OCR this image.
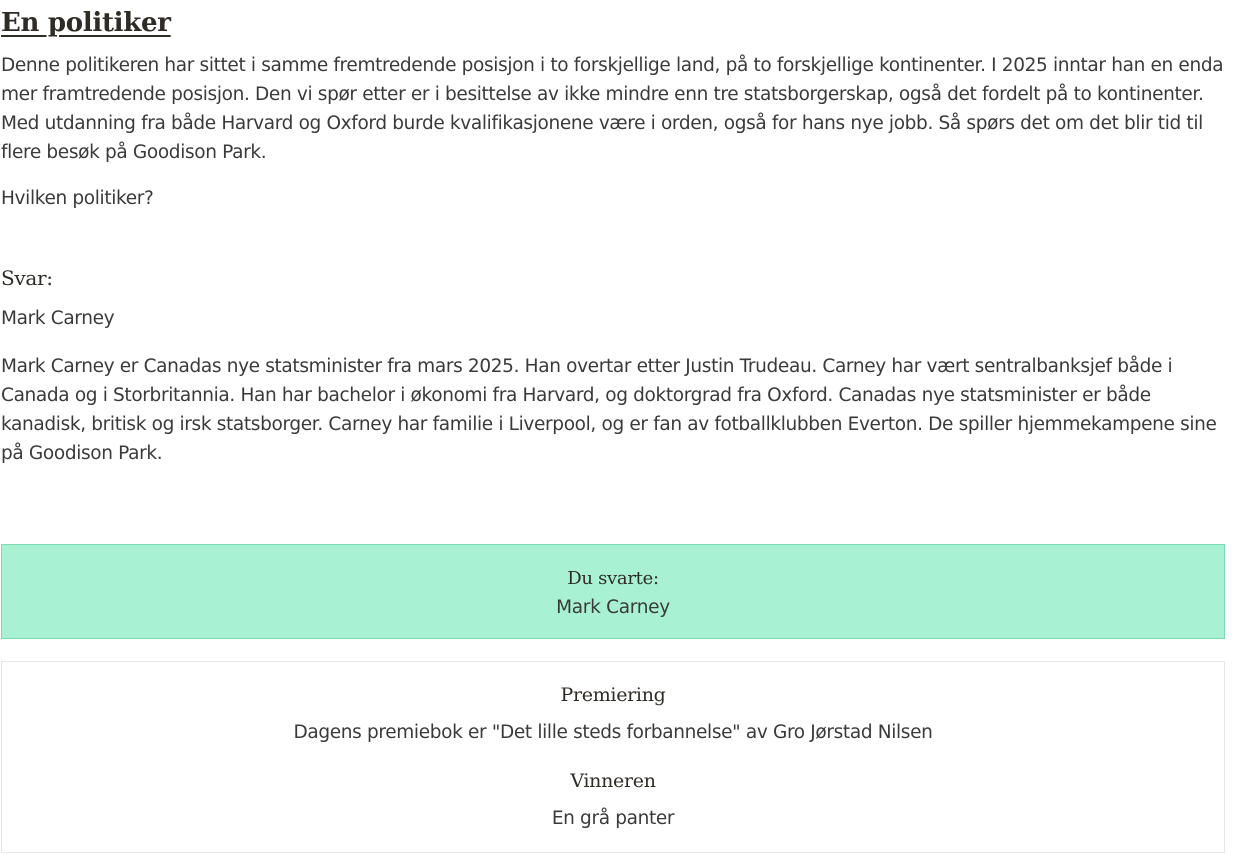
En politiker

Denne politikeren har sittet i samme fremtredende posisjon i to forskjellige land, på to forskjellige kontinenter. I 2025 inntar han en enda mer framtredende posisjon. Den vi spør etter er i besittelse av ikke mindre enn tre statsborgerskap, også det fordelt på to kontinenter. Med utdanning fra både Harvard og Oxford burde kvalifikasjonene være i orden, også for hans nye jobb. Så spørs det om det blir tid til flere besøk på Goodison Park.

Hvilken politiker?

Svar:

Mark Carney

Mark Carney er Canadas nye statsminister fra mars 2025. Han overtar etter Justin Trudeau. Carney har vært sentralbanksjef både i Canada og i Storbritannia. Han har bachelor i økonomi fra Harvard, og doktorgrad fra Oxford. Canadas nye statsminister er både kanadisk, britisk og irsk statsborger. Carney har familie i Liverpool, og er fan av fotballklubben Everton. De spiller hjemmekampene sine på Goodison Park.

Du svarte:
Mark Carney
Premiering
Dagens premiebok er "Det lille steds forbannelse" av Gro Jørstad Nilsen
Vinneren
En grå panter
